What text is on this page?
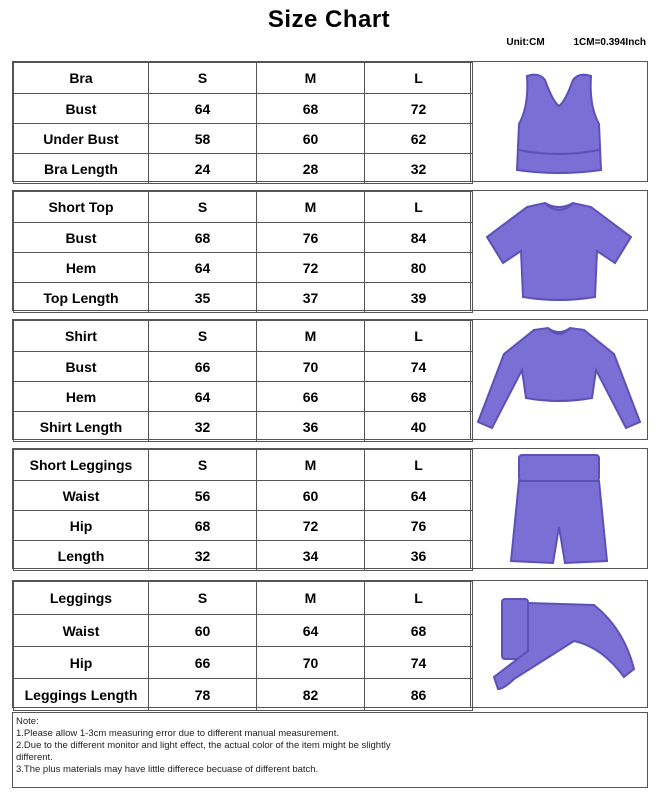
Size Chart
Unit:CM	1CM=0.394Inch
Bra	S	M	L
Bust	64	68	72
Under Bust	58	60	62
Bra Length	24	28	32
Short Top	S	M	L
Bust	68	76	84
Hem	64	72	80
Top Length	35	37	39
Shirt	S	M	L
Bust	66	70	74
Hem	64	66	68
Shirt Length	32	36	40
Short Leggings	S	M	L
Waist	56	60	64
Hip	68	72	76
Length	32	34	36
Leggings	S	M	L
Waist	60	64	68
Hip	66	70	74
Leggings Length	78	82	86
Note:
1.Please allow 1-3cm measuring error due to different manual measurement.
2.Due to the different monitor and light effect, the actual color of the item might be slightly
different.
3.The plus materials may have little differece becuase of different batch.
